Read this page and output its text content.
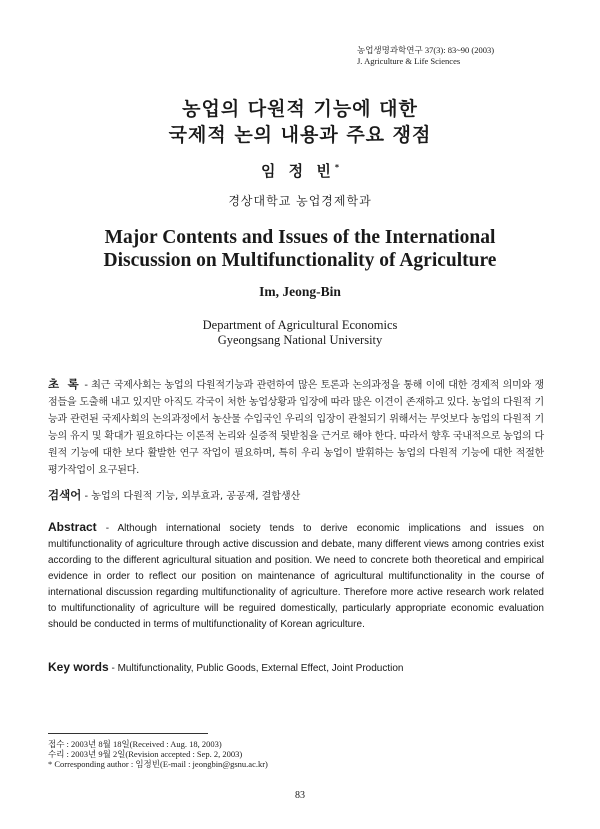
농업생명과학연구 37(3): 83~90 (2003)
J. Agriculture & Life Sciences
농업의 다원적 기능에 대한
국제적 논의 내용과 주요 쟁점
임 정 빈*
경상대학교 농업경제학과
Major Contents and Issues of the International
Discussion on Multifunctionality of Agriculture
Im, Jeong-Bin
Department of Agricultural Economics
Gyeongsang National University
초 록 - 최근 국제사회는 농업의 다원적기능과 관련하여 많은 토론과 논의과정을 통해 이에 대한 경제적 의미와 쟁점들을 도출해 내고 있지만 아직도 각국이 처한 농업상황과 입장에 따라 많은 이견이 존재하고 있다. 농업의 다원적 기능과 관련된 국제사회의 논의과정에서 농산물 수입국인 우리의 입장이 관철되기 위해서는 무엇보다 농업의 다원적 기능의 유지 및 확대가 필요하다는 이론적 논리와 실증적 뒷받침을 근거로 해야 한다. 따라서 향후 국내적으로 농업의 다원적 기능에 대한 보다 활발한 연구 작업이 필요하며, 특히 우리 농업이 발휘하는 농업의 다원적 기능에 대한 적절한 평가작업이 요구된다.
검색어 - 농업의 다원적 기능, 외부효과, 공공재, 결합생산
Abstract - Although international society tends to derive economic implications and issues on multifunctionality of agriculture through active discussion and debate, many different views among contries exist according to the different agricultural situation and position. We need to concrete both theoretical and empirical evidence in order to reflect our position on maintenance of agricultural multifunctionality in the course of international discussion regarding multifunctionality of agriculture. Therefore more active research work related to multifunctionality of agriculture will be reguired domestically, particularly appropriate economic evaluation should be conducted in terms of multifunctionality of Korean agriculture.
Key words - Multifunctionality, Public Goods, External Effect, Joint Production
접수 : 2003년 8월 18일(Received : Aug. 18, 2003)
수리 : 2003년 9월 2일(Revision accepted : Sep. 2, 2003)
* Corresponding author : 임정빈(E-mail : jeongbin@gsnu.ac.kr)
83
